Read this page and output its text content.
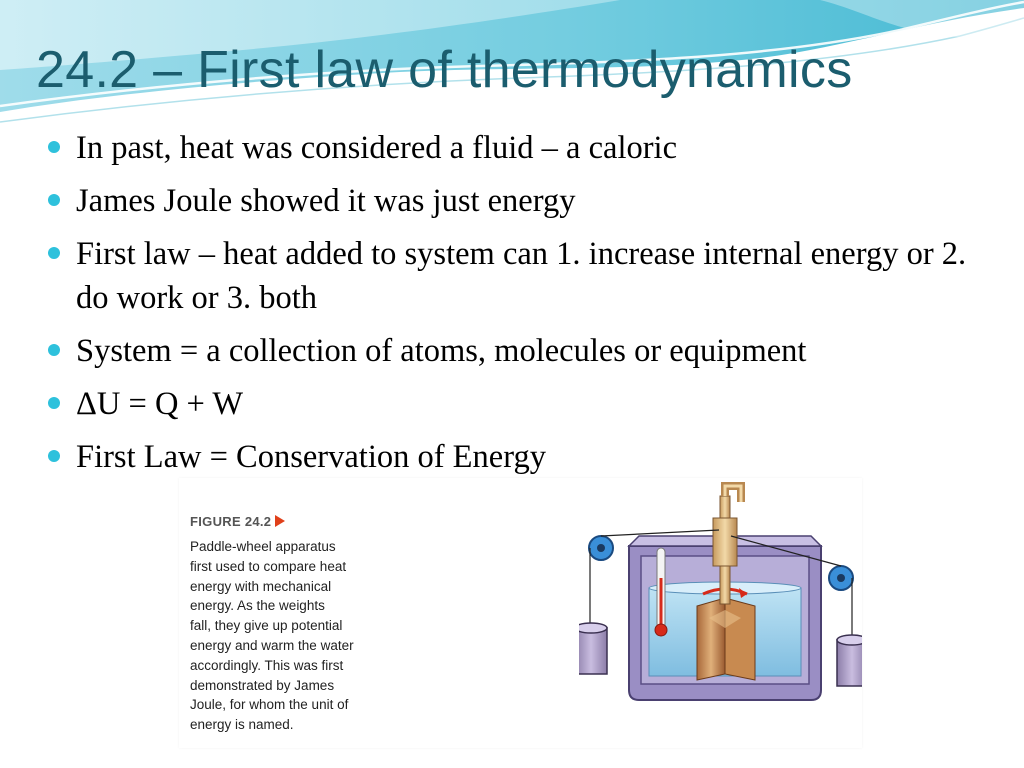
24.2 – First law of thermodynamics
In past, heat was considered a fluid – a caloric
James Joule showed it was just energy
First law – heat added to system can 1. increase internal energy or 2. do work or 3. both
System = a collection of atoms, molecules or equipment
ΔU = Q + W
First Law = Conservation of Energy
FIGURE 24.2
Paddle-wheel apparatus
first used to compare heat
energy with mechanical
energy. As the weights
fall, they give up potential
energy and warm the water
accordingly. This was first
demonstrated by James
Joule, for whom the unit of
energy is named.
